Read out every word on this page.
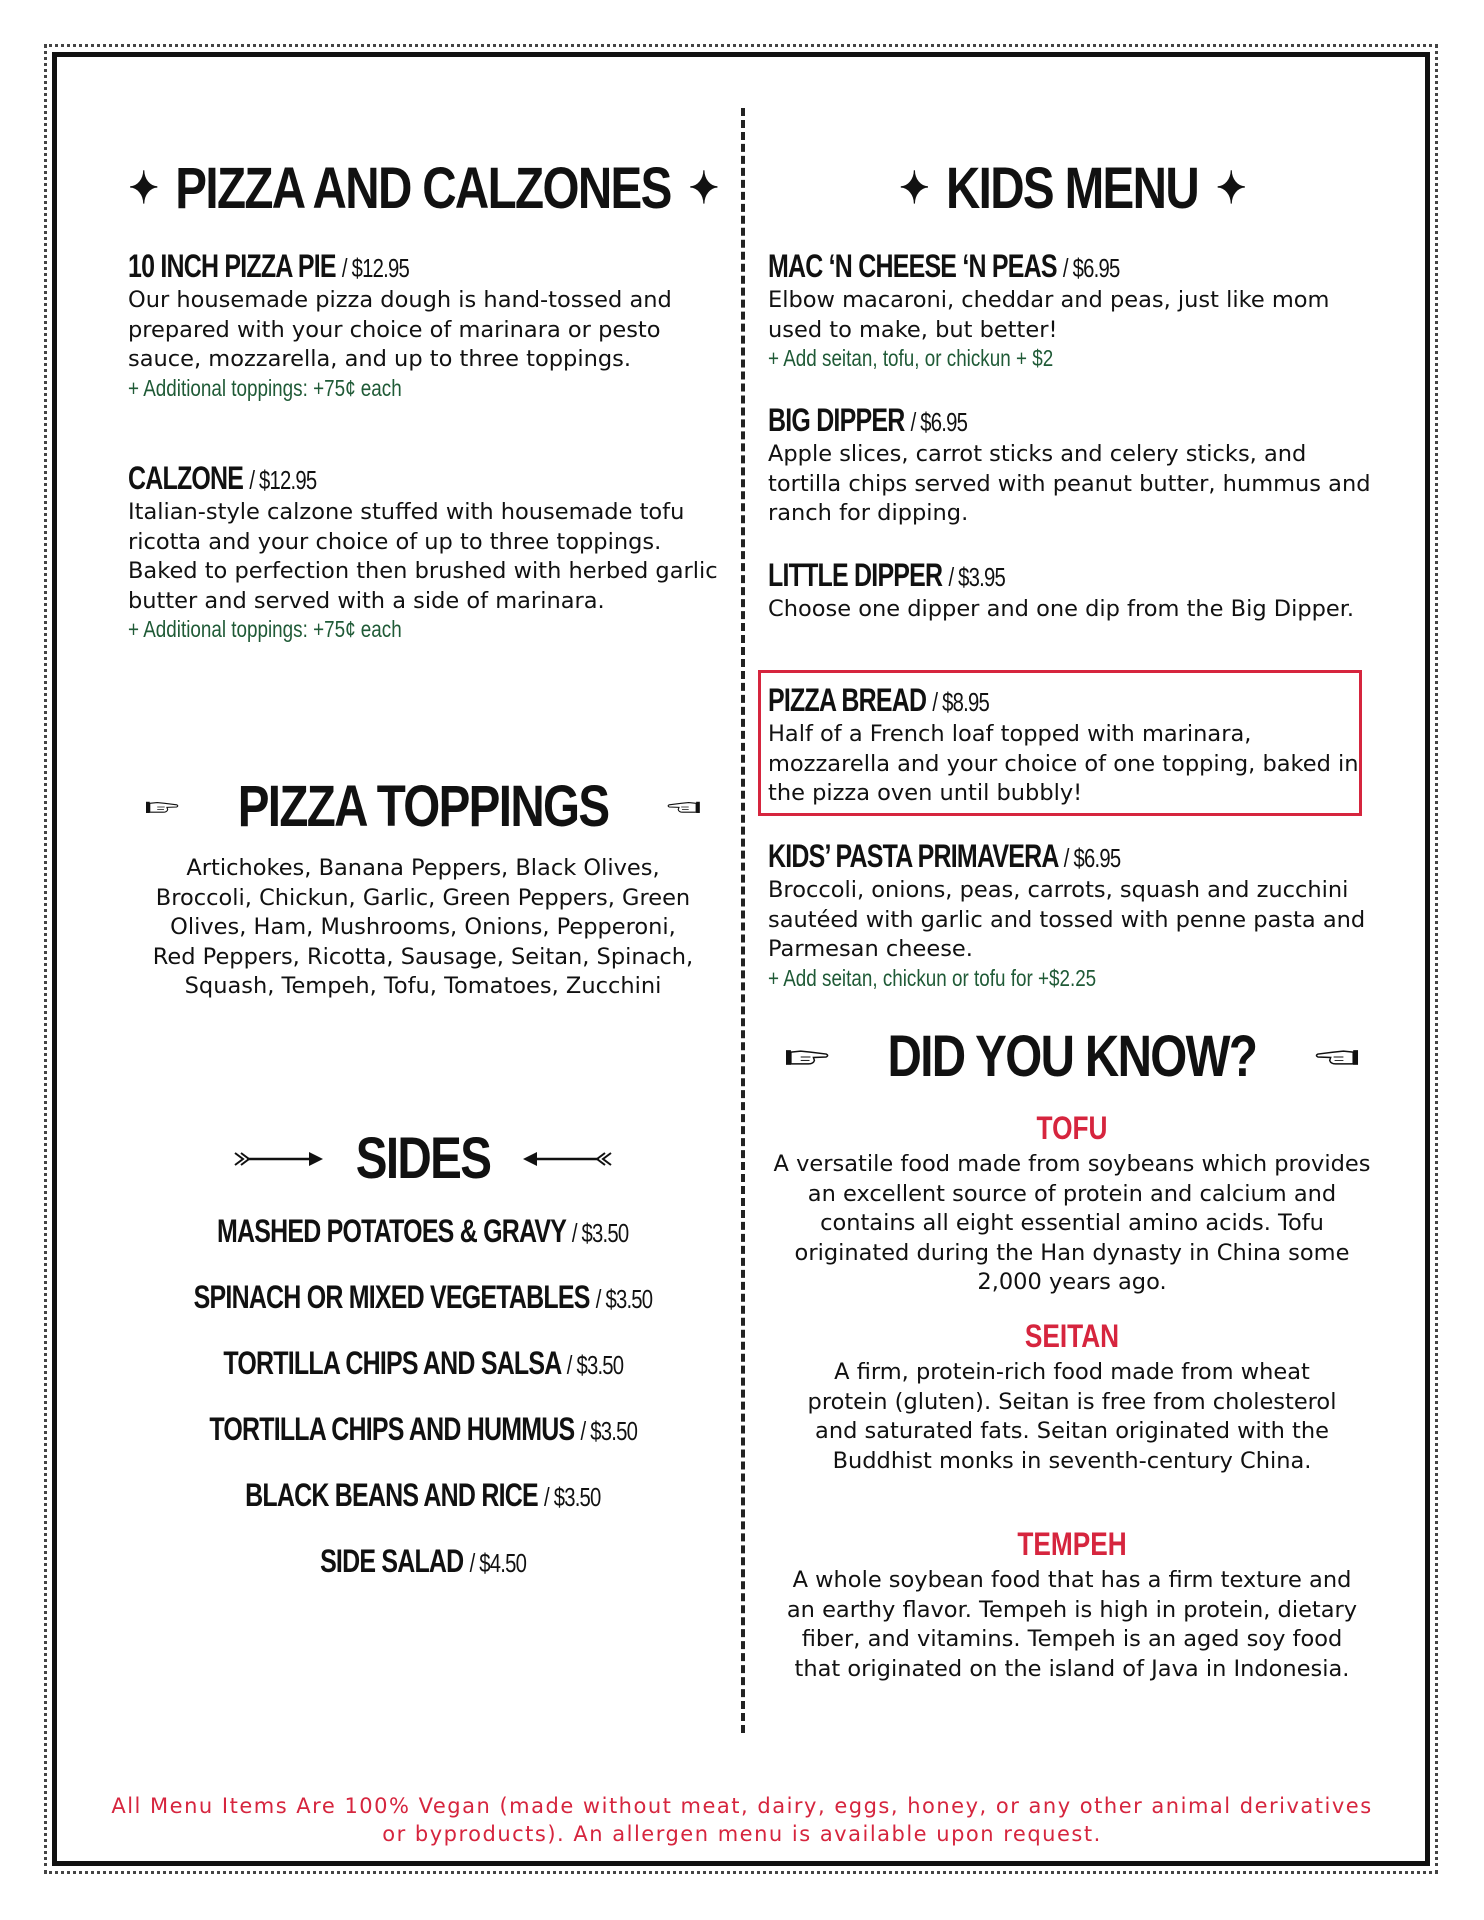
✦ PIZZA AND CALZONES ✦
10 INCH PIZZA PIE / $12.95
Our housemade pizza dough is hand-tossed and prepared with your choice of marinara or pesto sauce, mozzarella, and up to three toppings.
+ Additional toppings: +75¢ each
CALZONE / $12.95
Italian-style calzone stuffed with housemade tofu ricotta and your choice of up to three toppings. Baked to perfection then brushed with herbed garlic butter and served with a side of marinara.
+ Additional toppings: +75¢ each
PIZZA TOPPINGS
Artichokes, Banana Peppers, Black Olives, Broccoli, Chickun, Garlic, Green Peppers, Green Olives, Ham, Mushrooms, Onions, Pepperoni, Red Peppers, Ricotta, Sausage, Seitan, Spinach, Squash, Tempeh, Tofu, Tomatoes, Zucchini
SIDES
MASHED POTATOES & GRAVY / $3.50
SPINACH OR MIXED VEGETABLES / $3.50
TORTILLA CHIPS AND SALSA / $3.50
TORTILLA CHIPS AND HUMMUS / $3.50
BLACK BEANS AND RICE / $3.50
SIDE SALAD / $4.50
✦ KIDS MENU ✦
MAC ‘N CHEESE ‘N PEAS / $6.95
Elbow macaroni, cheddar and peas, just like mom used to make, but better!
+ Add seitan, tofu, or chickun + $2
BIG DIPPER / $6.95
Apple slices, carrot sticks and celery sticks, and tortilla chips served with peanut butter, hummus and ranch for dipping.
LITTLE DIPPER / $3.95
Choose one dipper and one dip from the Big Dipper.
PIZZA BREAD / $8.95
Half of a French loaf topped with marinara, mozzarella and your choice of one topping, baked in the pizza oven until bubbly!
KIDS’ PASTA PRIMAVERA / $6.95
Broccoli, onions, peas, carrots, squash and zucchini sautéed with garlic and tossed with penne pasta and Parmesan cheese.
+ Add seitan, chickun or tofu for +$2.25
DID YOU KNOW?
TOFU
A versatile food made from soybeans which provides an excellent source of protein and calcium and contains all eight essential amino acids. Tofu originated during the Han dynasty in China some 2,000 years ago.
SEITAN
A firm, protein-rich food made from wheat protein (gluten). Seitan is free from cholesterol and saturated fats. Seitan originated with the Buddhist monks in seventh-century China.
TEMPEH
A whole soybean food that has a firm texture and an earthy flavor. Tempeh is high in protein, dietary fiber, and vitamins. Tempeh is an aged soy food that originated on the island of Java in Indonesia.
All Menu Items Are 100% Vegan (made without meat, dairy, eggs, honey, or any other animal derivatives or byproducts). An allergen menu is available upon request.
